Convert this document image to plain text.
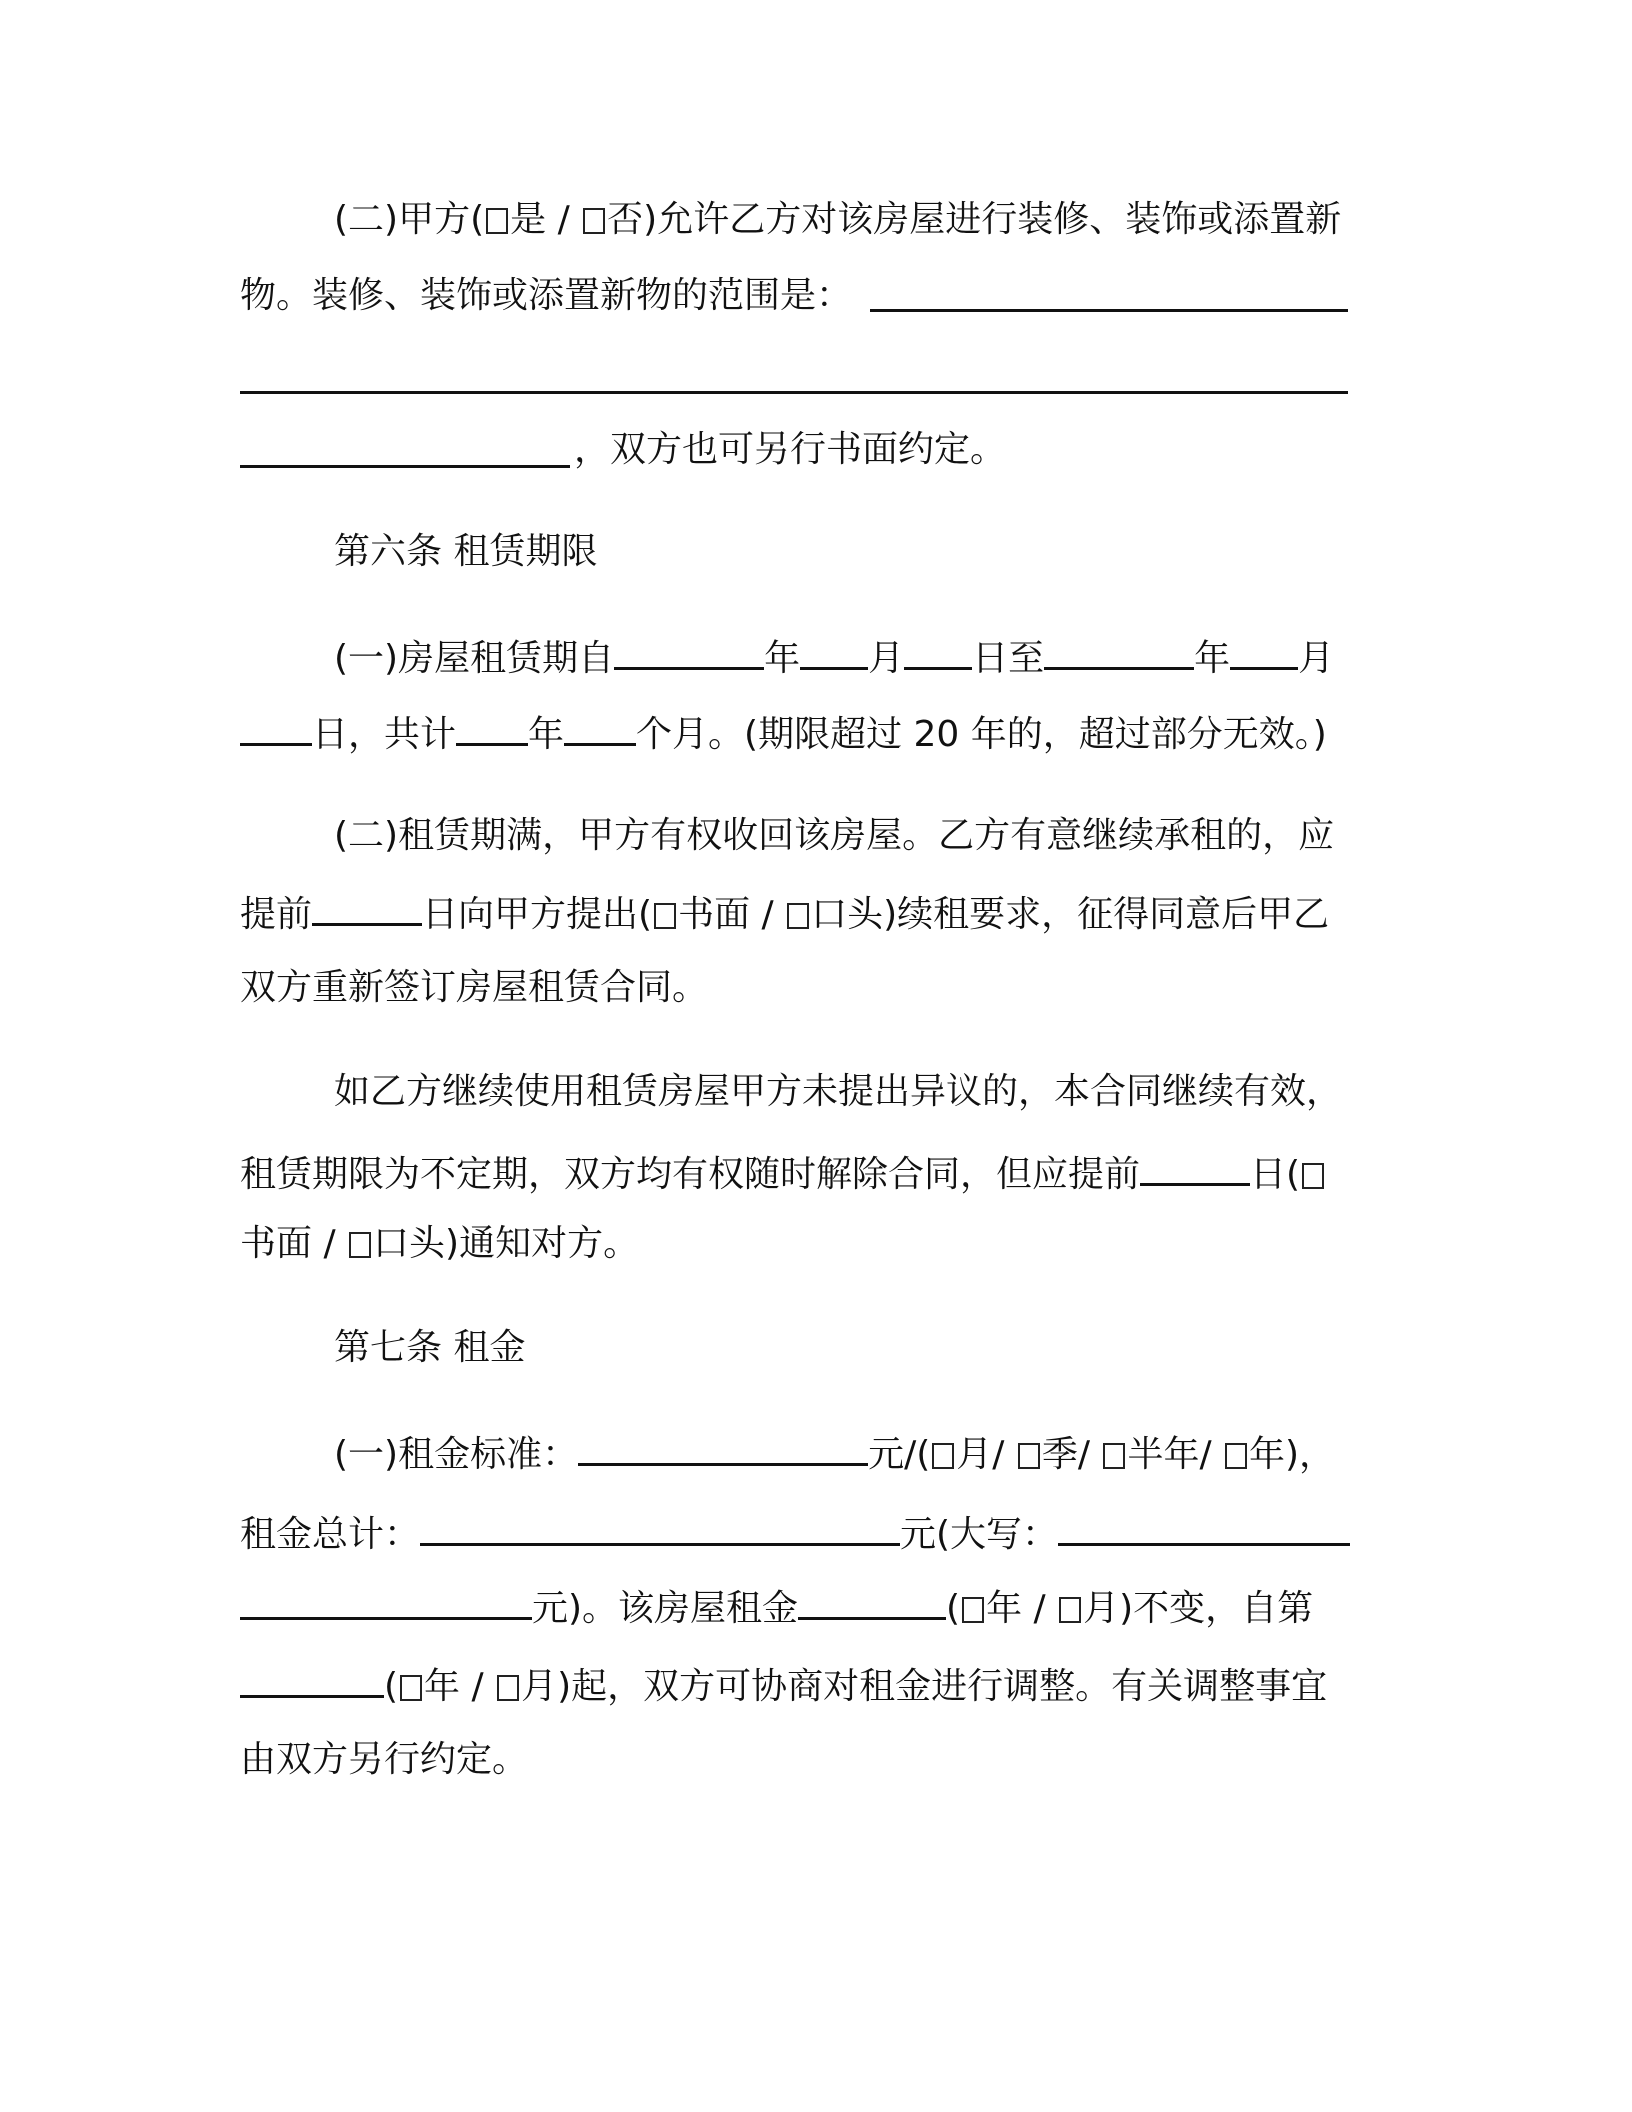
(二)甲方( 是 / 否)允许乙方对该房屋进行装修、装饰或添置新
物。装修、装饰或添置新物的范围是：
，双方也可另行书面约定。
第六条 租赁期限
(一)房屋租赁期自	年 月 日至	年 月
日，共计 年 个月。(期限超过 20 年的，超过部分无效。)
(二)租赁期满，甲方有权收回该房屋。乙方有意继续承租的，应
提前	日向甲方提出( 书面 / 口头)续租要求，征得同意后甲乙
双方重新签订房屋租赁合同。
如乙方继续使用租赁房屋甲方未提出异议的，本合同继续有效，
租赁期限为不定期，双方均有权随时解除合同，但应提前	日(
书面 / 口头)通知对方。
第七条 租金
(一)租金标准：	元/( 月/ 季/ 半年/ 年)，
租金总计：	元(大写：
元)。该房屋租金	( 年 / 月)不变，自第
( 年 / 月)起，双方可协商对租金进行调整。有关调整事宜
由双方另行约定。
